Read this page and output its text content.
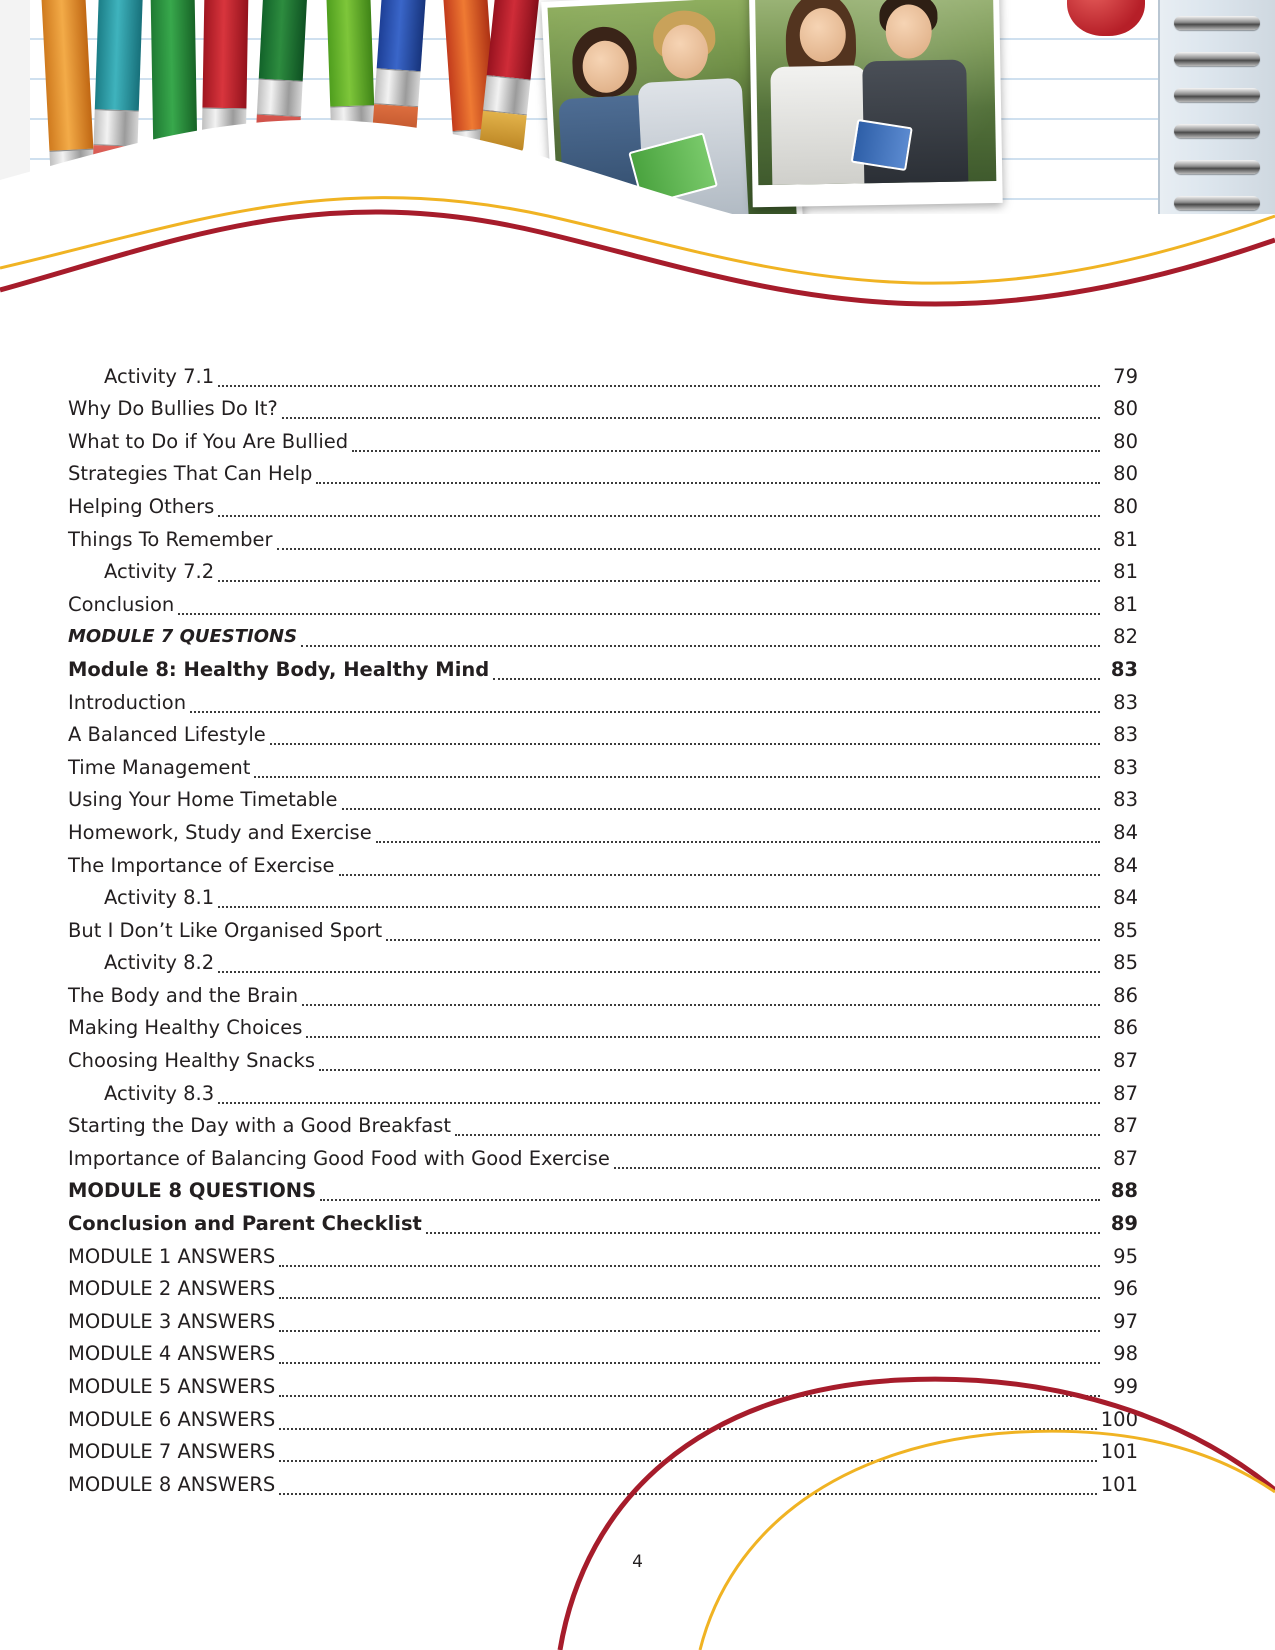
Activity 7.1	79
Why Do Bullies Do It?	80
What to Do if You Are Bullied	80
Strategies That Can Help	80
Helping Others	80
Things To Remember	81
Activity 7.2	81
Conclusion	81
MODULE 7 QUESTIONS	82
Module 8: Healthy Body, Healthy Mind	83
Introduction	83
A Balanced Lifestyle	83
Time Management	83
Using Your Home Timetable	83
Homework, Study and Exercise	84
The Importance of Exercise	84
Activity 8.1	84
But I Don’t Like Organised Sport	85
Activity 8.2	85
The Body and the Brain	86
Making Healthy Choices	86
Choosing Healthy Snacks	87
Activity 8.3	87
Starting the Day with a Good Breakfast	87
Importance of Balancing Good Food with Good Exercise	87
MODULE 8 QUESTIONS	88
Conclusion and Parent Checklist	89
MODULE 1 ANSWERS	95
MODULE 2 ANSWERS	96
MODULE 3 ANSWERS	97
MODULE 4 ANSWERS	98
MODULE 5 ANSWERS	99
MODULE 6 ANSWERS	100
MODULE 7 ANSWERS	101
MODULE 8 ANSWERS	101
4
